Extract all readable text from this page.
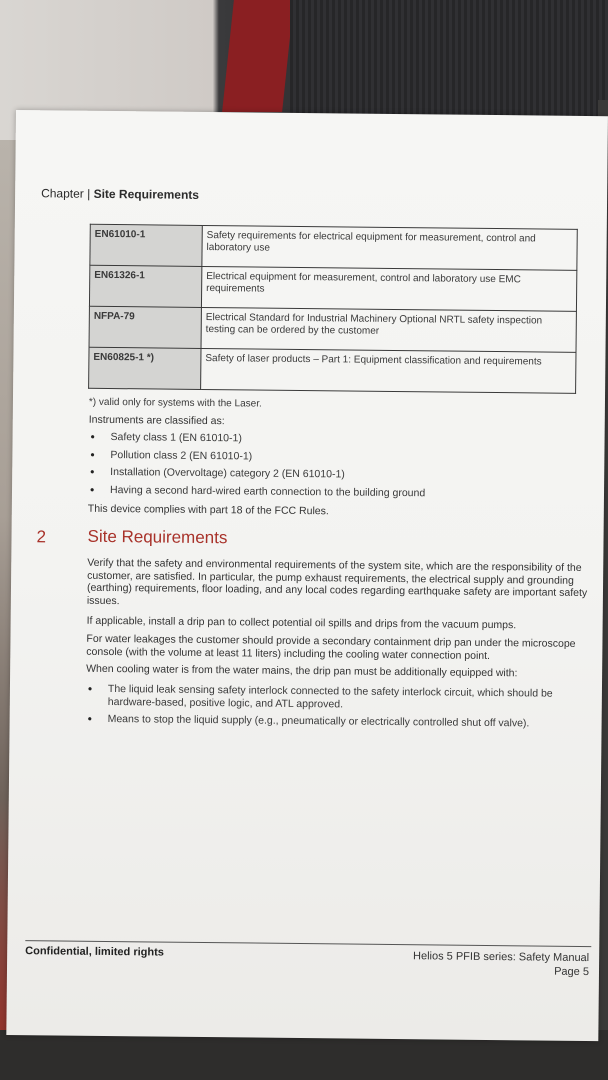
Chapter | Site Requirements
EN61010-1	Safety requirements for electrical equipment for measurement, control and laboratory use
EN61326-1	Electrical equipment for measurement, control and laboratory use EMC requirements
NFPA-79	Electrical Standard for Industrial Machinery Optional NRTL safety inspection testing can be ordered by the customer
EN60825-1 *)	Safety of laser products – Part 1: Equipment classification and requirements
*) valid only for systems with the Laser.
Instruments are classified as:
• Safety class 1 (EN 61010-1)
• Pollution class 2 (EN 61010-1)
• Installation (Overvoltage) category 2 (EN 61010-1)
• Having a second hard-wired earth connection to the building ground
This device complies with part 18 of the FCC Rules.
2 Site Requirements
Verify that the safety and environmental requirements of the system site, which are the responsibility of the customer, are satisfied. In particular, the pump exhaust requirements, the electrical supply and grounding (earthing) requirements, floor loading, and any local codes regarding earthquake safety are important safety issues.
If applicable, install a drip pan to collect potential oil spills and drips from the vacuum pumps.
For water leakages the customer should provide a secondary containment drip pan under the microscope console (with the volume at least 11 liters) including the cooling water connection point.
When cooling water is from the water mains, the drip pan must be additionally equipped with:
• The liquid leak sensing safety interlock connected to the safety interlock circuit, which should be hardware-based, positive logic, and ATL approved.
• Means to stop the liquid supply (e.g., pneumatically or electrically controlled shut off valve).
Confidential, limited rights	Helios 5 PFIB series: Safety Manual
Page 5
